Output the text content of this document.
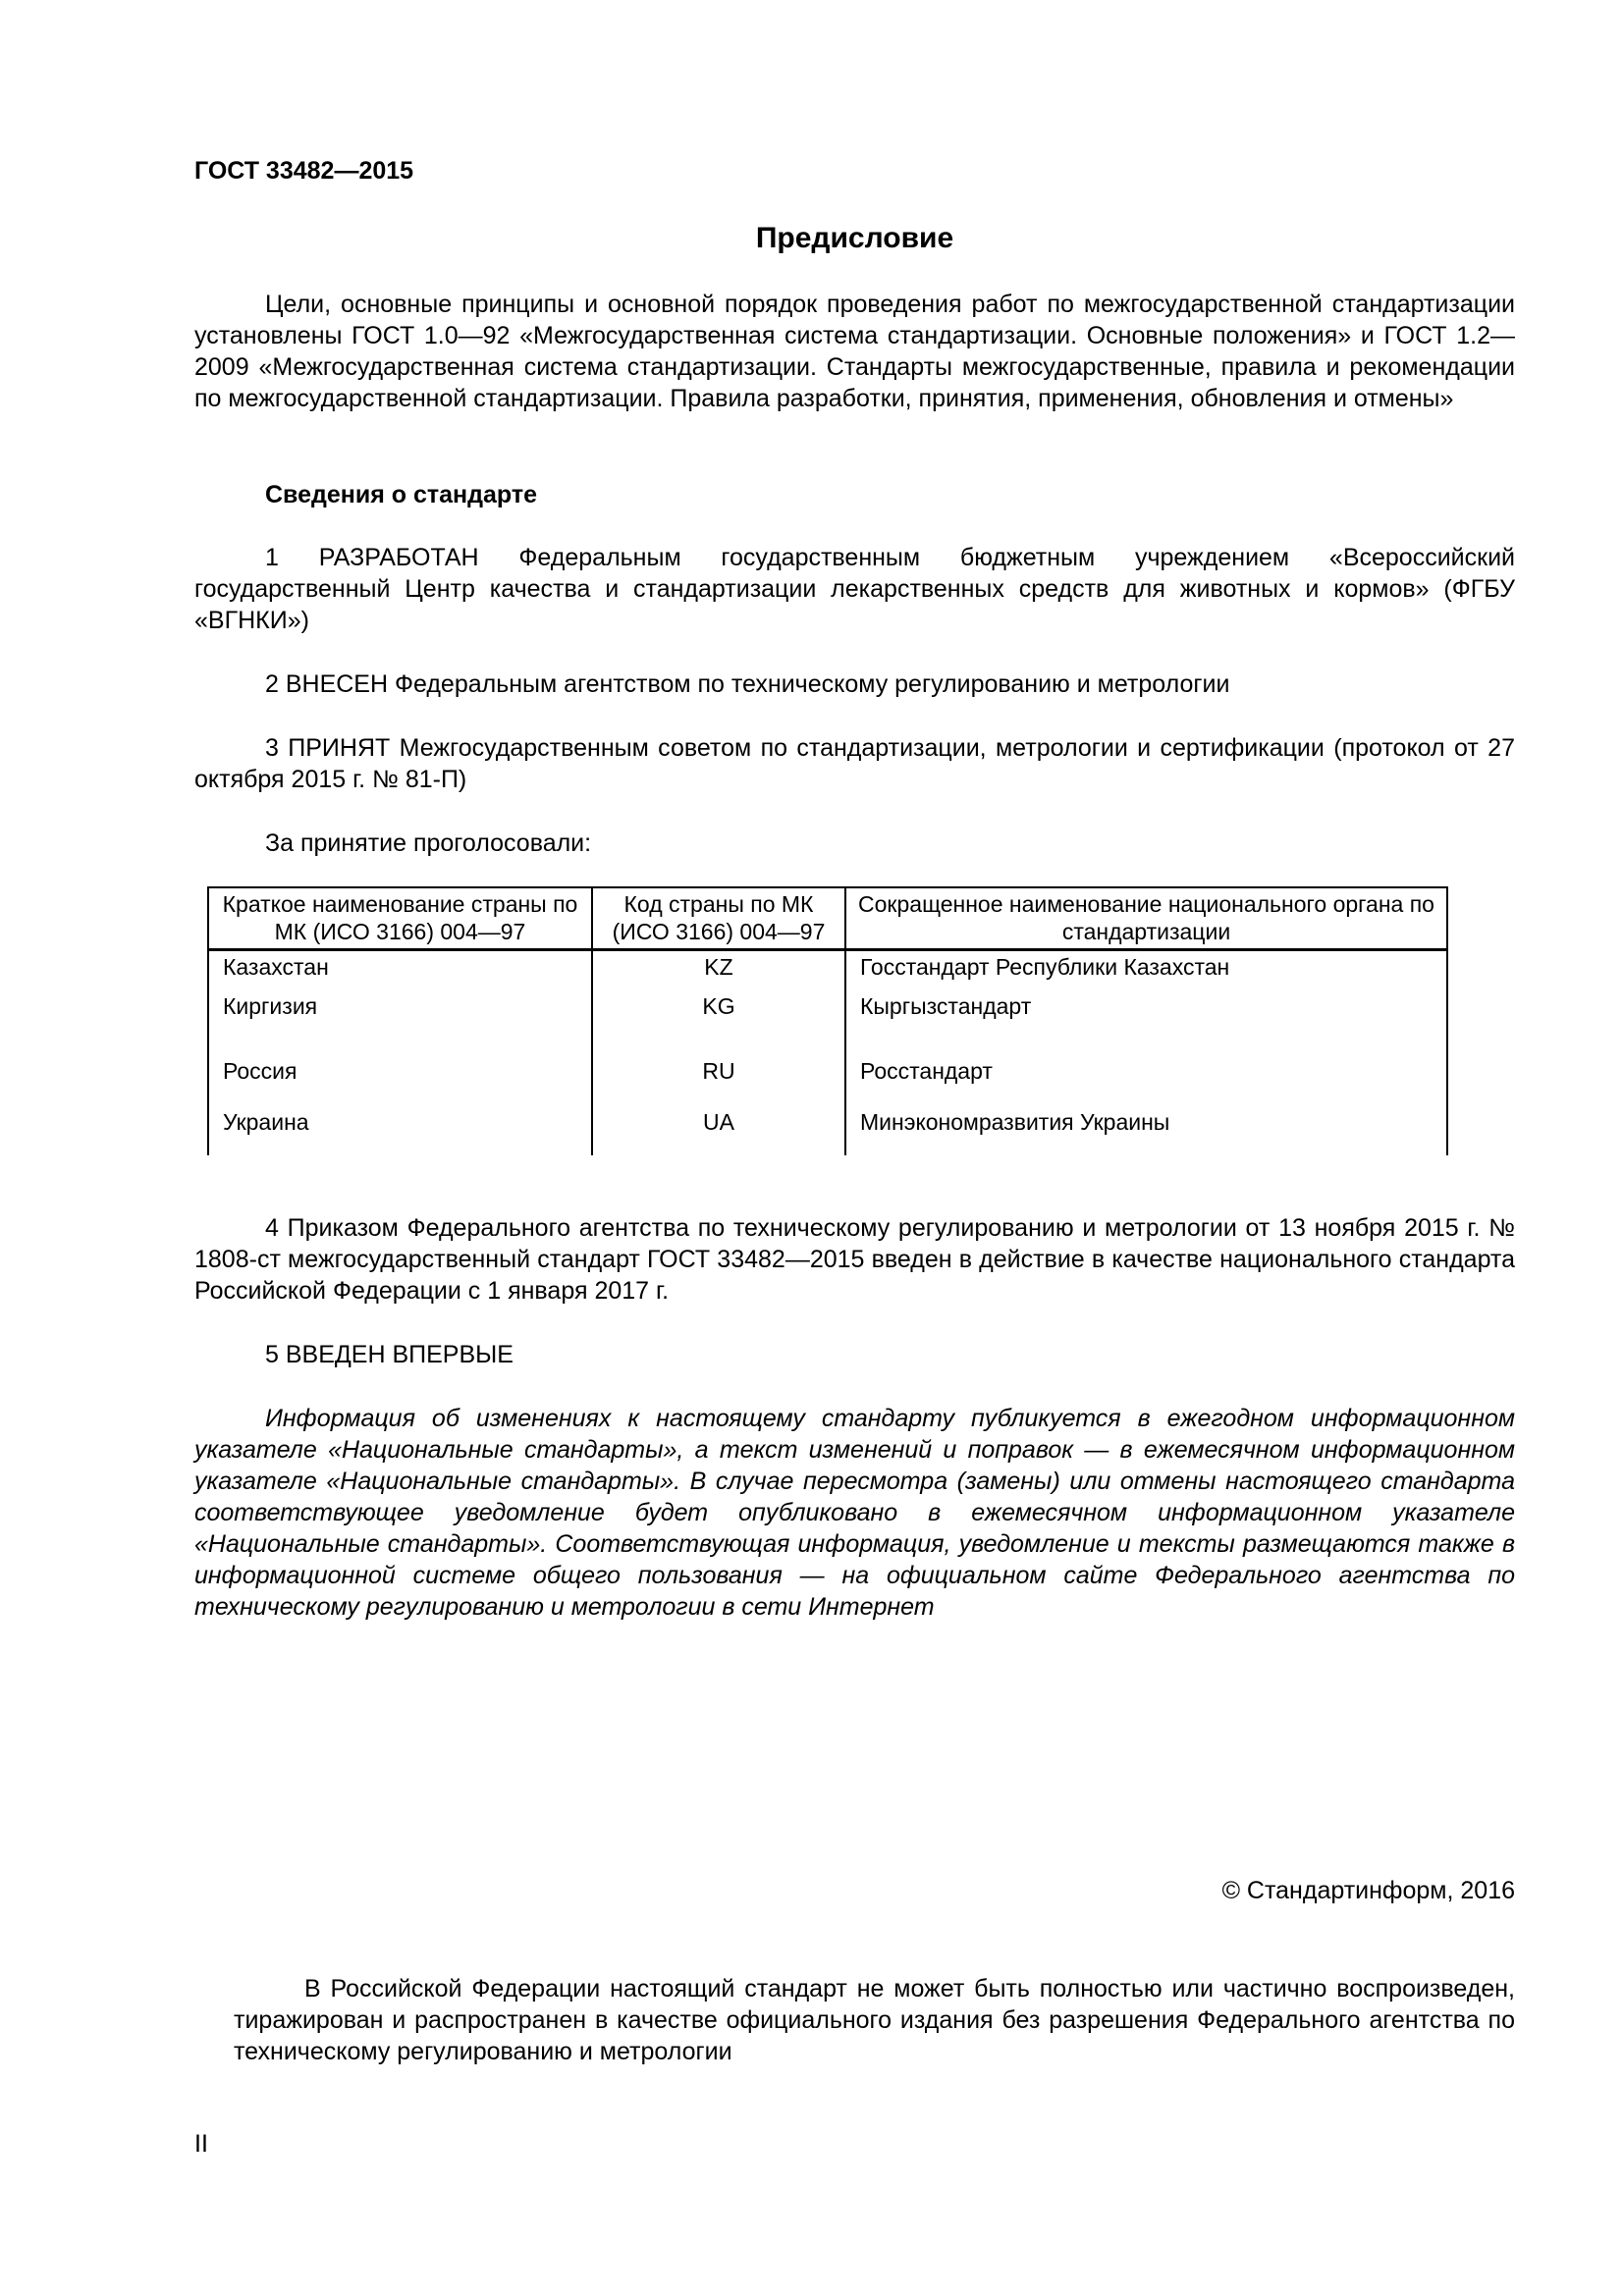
ГОСТ 33482—2015
Предисловие

Цели, основные принципы и основной порядок проведения работ по межгосударственной стандартизации установлены ГОСТ 1.0—92 «Межгосударственная система стандартизации. Основные положения» и ГОСТ 1.2—2009 «Межгосударственная система стандартизации. Стандарты межгосударственные, правила и рекомендации по межгосударственной стандартизации. Правила разработки, принятия, применения, обновления и отмены»

Сведения о стандарте

1 РАЗРАБОТАН Федеральным государственным бюджетным учреждением «Всероссийский государственный Центр качества и стандартизации лекарственных средств для животных и кормов» (ФГБУ «ВГНКИ»)

2 ВНЕСЕН Федеральным агентством по техническому регулированию и метрологии

3 ПРИНЯТ Межгосударственным советом по стандартизации, метрологии и сертификации (протокол от 27 октября 2015 г. № 81-П)

За принятие проголосовали:

Краткое наименование страны по МК (ИСО 3166) 004—97	Код страны по МК (ИСО 3166) 004—97	Сокращенное наименование национального органа по стандартизации
Казахстан	KZ	Госстандарт Республики Казахстан
Киргизия	KG	Кыргызстандарт
Россия	RU	Росстандарт
Украина	UA	Минэкономразвития Украины

4 Приказом Федерального агентства по техническому регулированию и метрологии от 13 ноября 2015 г. № 1808-ст межгосударственный стандарт ГОСТ 33482—2015 введен в действие в качестве национального стандарта Российской Федерации с 1 января 2017 г.

5 ВВЕДЕН ВПЕРВЫЕ

Информация об изменениях к настоящему стандарту публикуется в ежегодном информационном указателе «Национальные стандарты», а текст изменений и поправок — в ежемесячном информационном указателе «Национальные стандарты». В случае пересмотра (замены) или отмены настоящего стандарта соответствующее уведомление будет опубликовано в ежемесячном информационном указателе «Национальные стандарты». Соответствующая информация, уведомление и тексты размещаются также в информационной системе общего пользования — на официальном сайте Федерального агентства по техническому регулированию и метрологии в сети Интернет

© Стандартинформ, 2016

В Российской Федерации настоящий стандарт не может быть полностью или частично воспроизведен, тиражирован и распространен в качестве официального издания без разрешения Федерального агентства по техническому регулированию и метрологии

II
